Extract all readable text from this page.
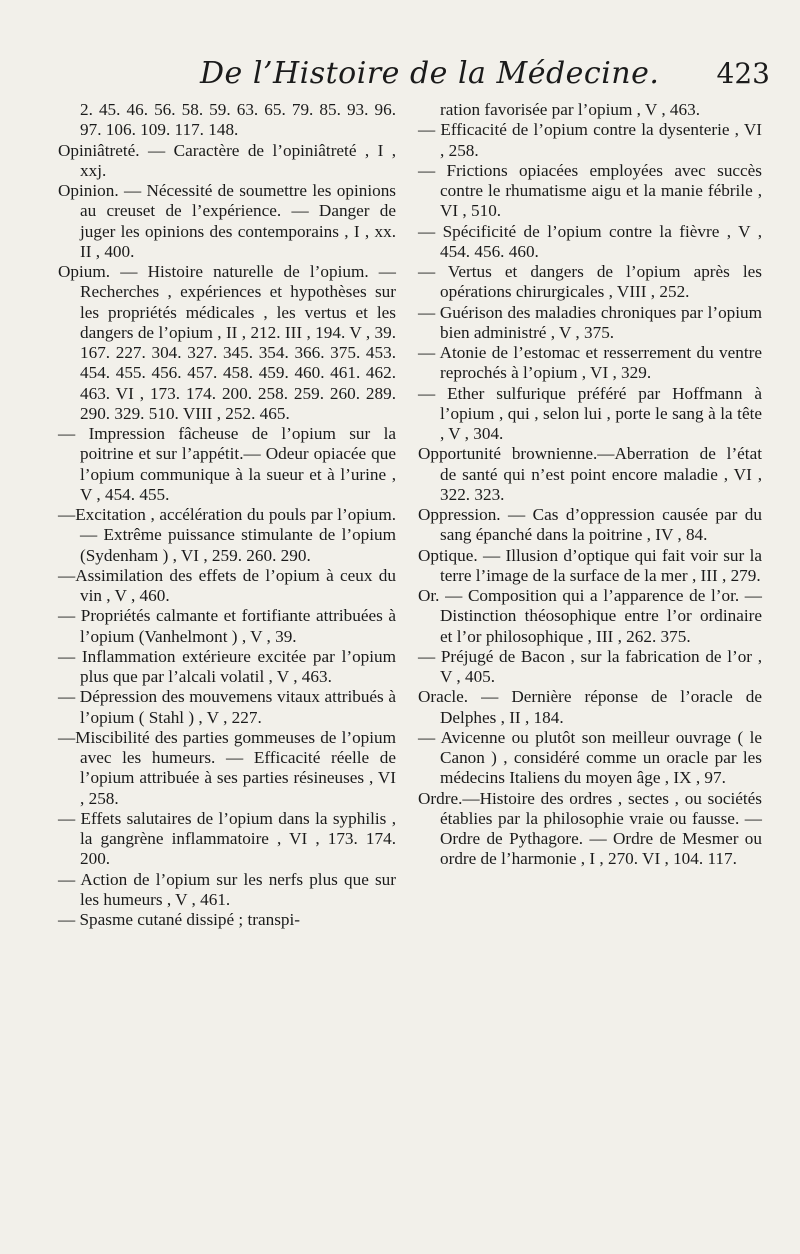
De l’Histoire de la Médecine. 423

2. 45. 46. 56. 58. 59. 63. 65. 79. 85. 93. 96. 97. 106. 109. 117. 148.

Opiniâtreté. — Caractère de l’opiniâtreté , I , xxj.

Opinion. — Nécessité de soumettre les opinions au creuset de l’expérience. — Danger de juger les opinions des contemporains , I , xx. II , 400.

Opium. — Histoire naturelle de l’opium. — Recherches , expériences et hypothèses sur les propriétés médicales , les vertus et les dangers de l’opium , II , 212. III , 194. V , 39. 167. 227. 304. 327. 345. 354. 366. 375. 453. 454. 455. 456. 457. 458. 459. 460. 461. 462. 463. VI , 173. 174. 200. 258. 259. 260. 289. 290. 329. 510. VIII , 252. 465.

— Impression fâcheuse de l’opium sur la poitrine et sur l’appétit.— Odeur opiacée que l’opium communique à la sueur et à l’urine , V , 454. 455.

—Excitation , accélération du pouls par l’opium. — Extrême puissance stimulante de l’opium (Sydenham ) , VI , 259. 260. 290.

—Assimilation des effets de l’opium à ceux du vin , V , 460.

— Propriétés calmante et fortifiante attribuées à l’opium (Vanhelmont ) , V , 39.

— Inflammation extérieure excitée par l’opium plus que par l’alcali volatil , V , 463.

— Dépression des mouvemens vitaux attribués à l’opium ( Stahl ) , V , 227.

—Miscibilité des parties gommeuses de l’opium avec les humeurs. — Efficacité réelle de l’opium attribuée à ses parties résineuses , VI , 258.

— Effets salutaires de l’opium dans la syphilis , la gangrène inflammatoire , VI , 173. 174. 200.

— Action de l’opium sur les nerfs plus que sur les humeurs , V , 461.

— Spasme cutané dissipé ; transpi-

ration favorisée par l’opium , V , 463.

— Efficacité de l’opium contre la dysenterie , VI , 258.

— Frictions opiacées employées avec succès contre le rhumatisme aigu et la manie fébrile , VI , 510.

— Spécificité de l’opium contre la fièvre , V , 454. 456. 460.

— Vertus et dangers de l’opium après les opérations chirurgicales , VIII , 252.

— Guérison des maladies chroniques par l’opium bien administré , V , 375.

— Atonie de l’estomac et resserrement du ventre reprochés à l’opium , VI , 329.

— Ether sulfurique préféré par Hoffmann à l’opium , qui , selon lui , porte le sang à la tête , V , 304.

Opportunité brownienne.—Aberration de l’état de santé qui n’est point encore maladie , VI , 322. 323.

Oppression. — Cas d’oppression causée par du sang épanché dans la poitrine , IV , 84.

Optique. — Illusion d’optique qui fait voir sur la terre l’image de la surface de la mer , III , 279.

Or. — Composition qui a l’apparence de l’or. — Distinction théosophique entre l’or ordinaire et l’or philosophique , III , 262. 375.

— Préjugé de Bacon , sur la fabrication de l’or , V , 405.

Oracle. — Dernière réponse de l’oracle de Delphes , II , 184.

— Avicenne ou plutôt son meilleur ouvrage ( le Canon ) , considéré comme un oracle par les médecins Italiens du moyen âge , IX , 97.

Ordre.—Histoire des ordres , sectes , ou sociétés établies par la philosophie vraie ou fausse. — Ordre de Pythagore. — Ordre de Mesmer ou ordre de l’harmonie , I , 270. VI , 104. 117.
